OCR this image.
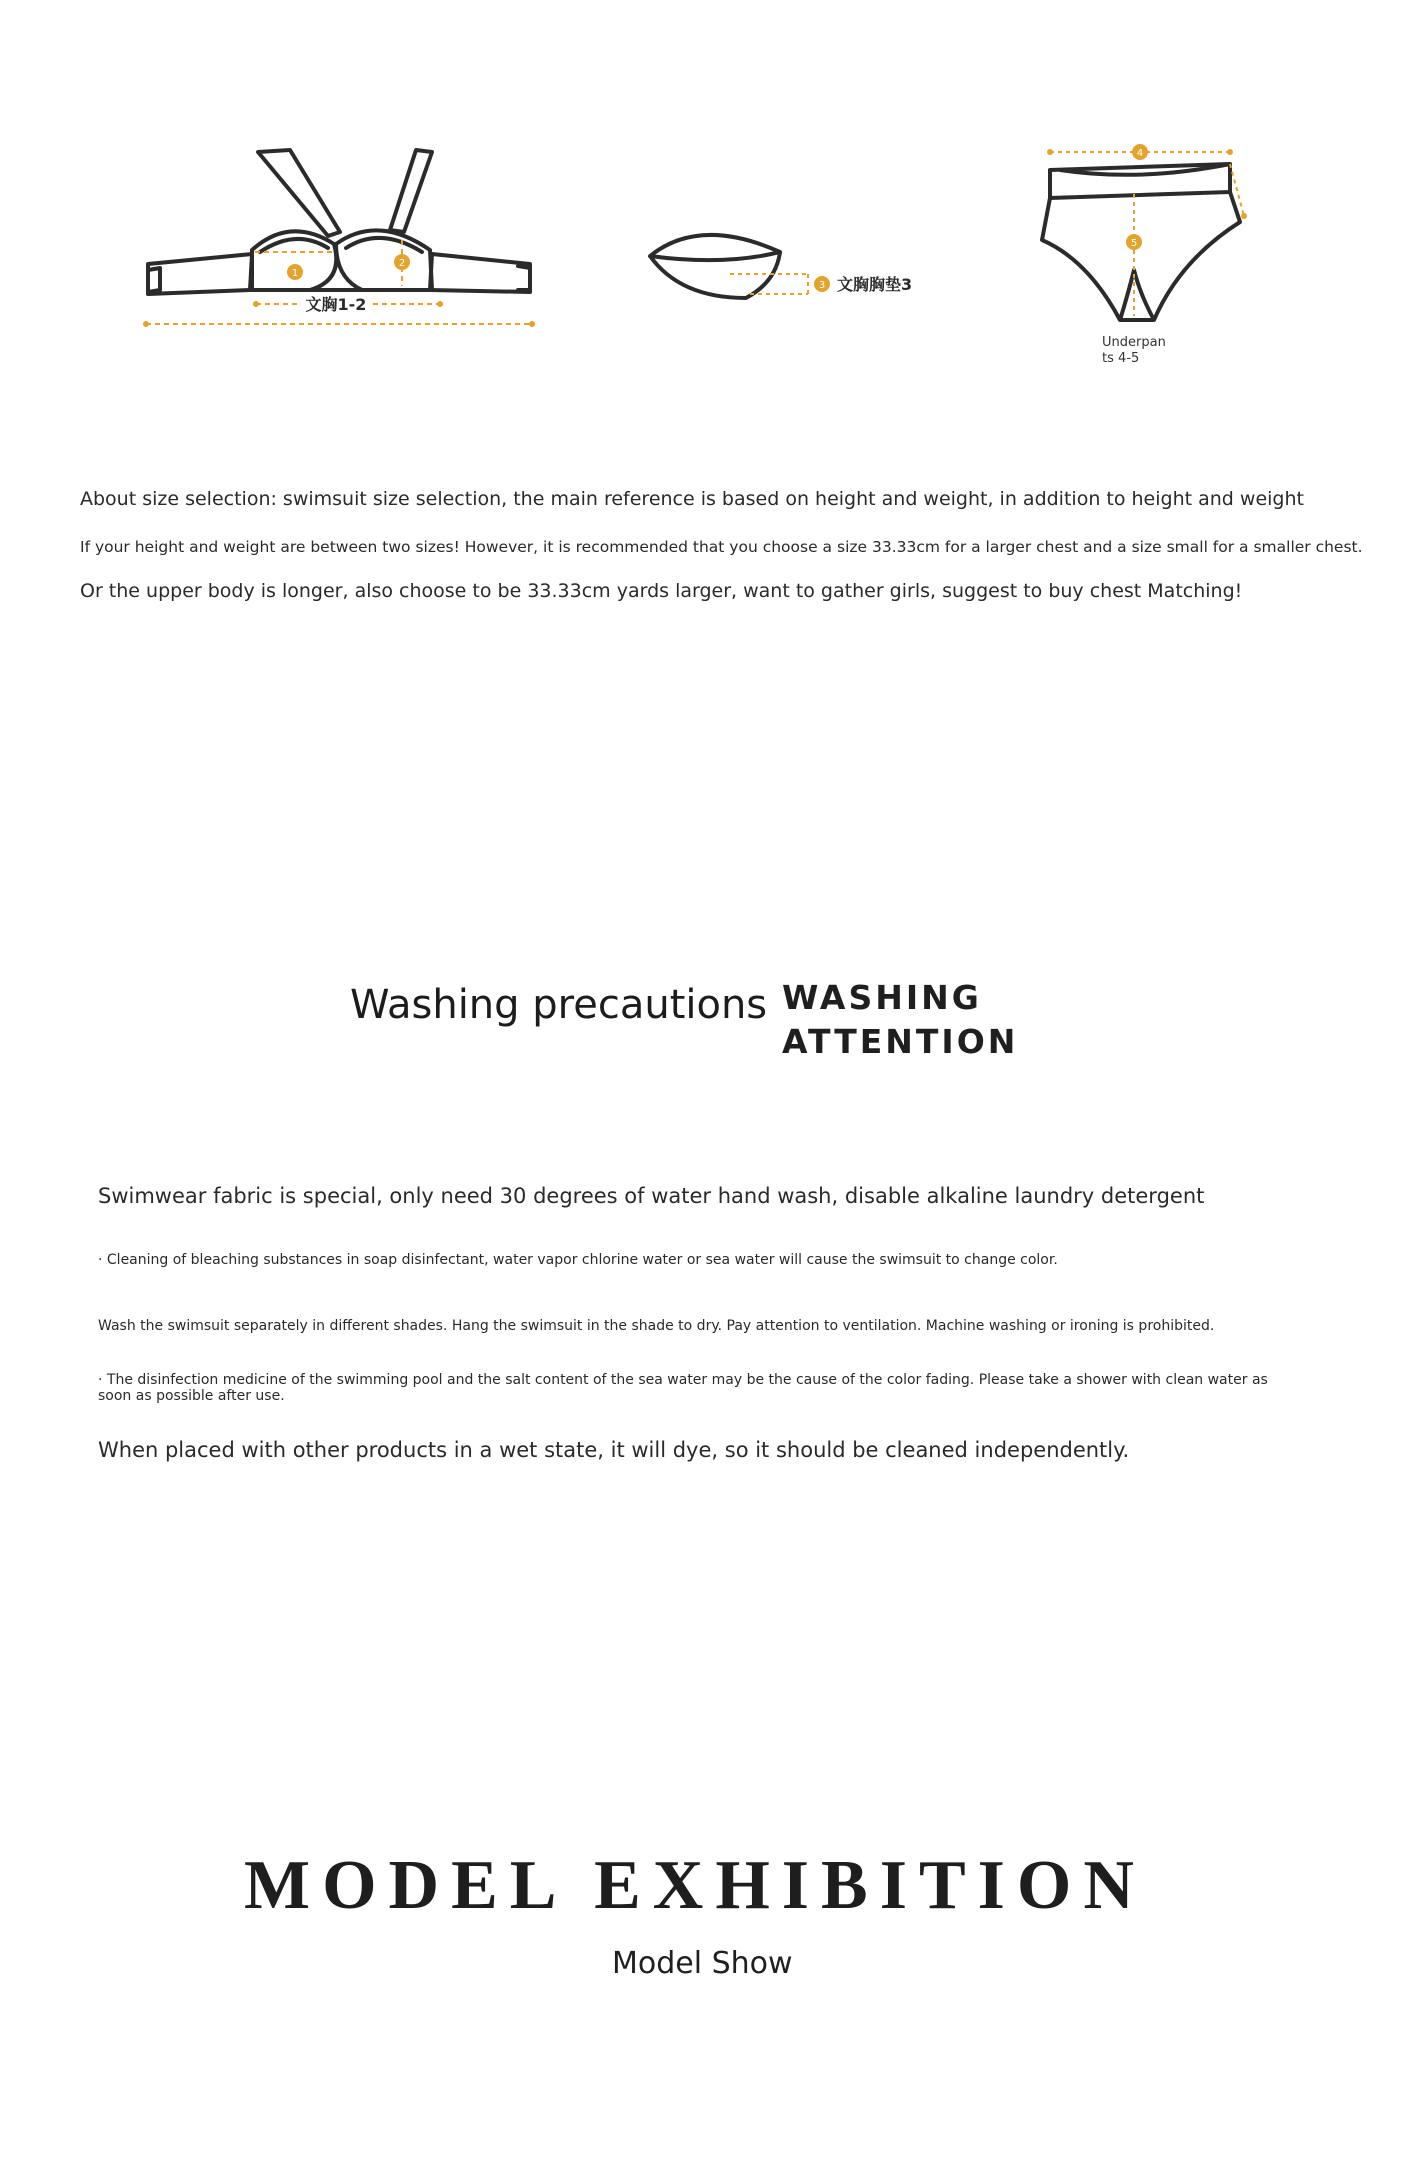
1
2
文胸1-2
3 文胸胸垫3
4
5
Underpan
ts 4-5
About size selection: swimsuit size selection, the main reference is based on height and weight, in addition to height and weight
If your height and weight are between two sizes! However, it is recommended that you choose a size 33.33cm for a larger chest and a size small for a smaller chest.
Or the upper body is longer, also choose to be 33.33cm yards larger, want to gather girls, suggest to buy chest Matching!
Washing precautions WASHING
ATTENTION
Swimwear fabric is special, only need 30 degrees of water hand wash, disable alkaline laundry detergent
· Cleaning of bleaching substances in soap disinfectant, water vapor chlorine water or sea water will cause the swimsuit to change color.
Wash the swimsuit separately in different shades. Hang the swimsuit in the shade to dry. Pay attention to ventilation. Machine washing or ironing is prohibited.
· The disinfection medicine of the swimming pool and the salt content of the sea water may be the cause of the color fading. Please take a shower with clean water as soon as possible after use.
When placed with other products in a wet state, it will dye, so it should be cleaned independently.
MODEL EXHIBITION
Model Show
